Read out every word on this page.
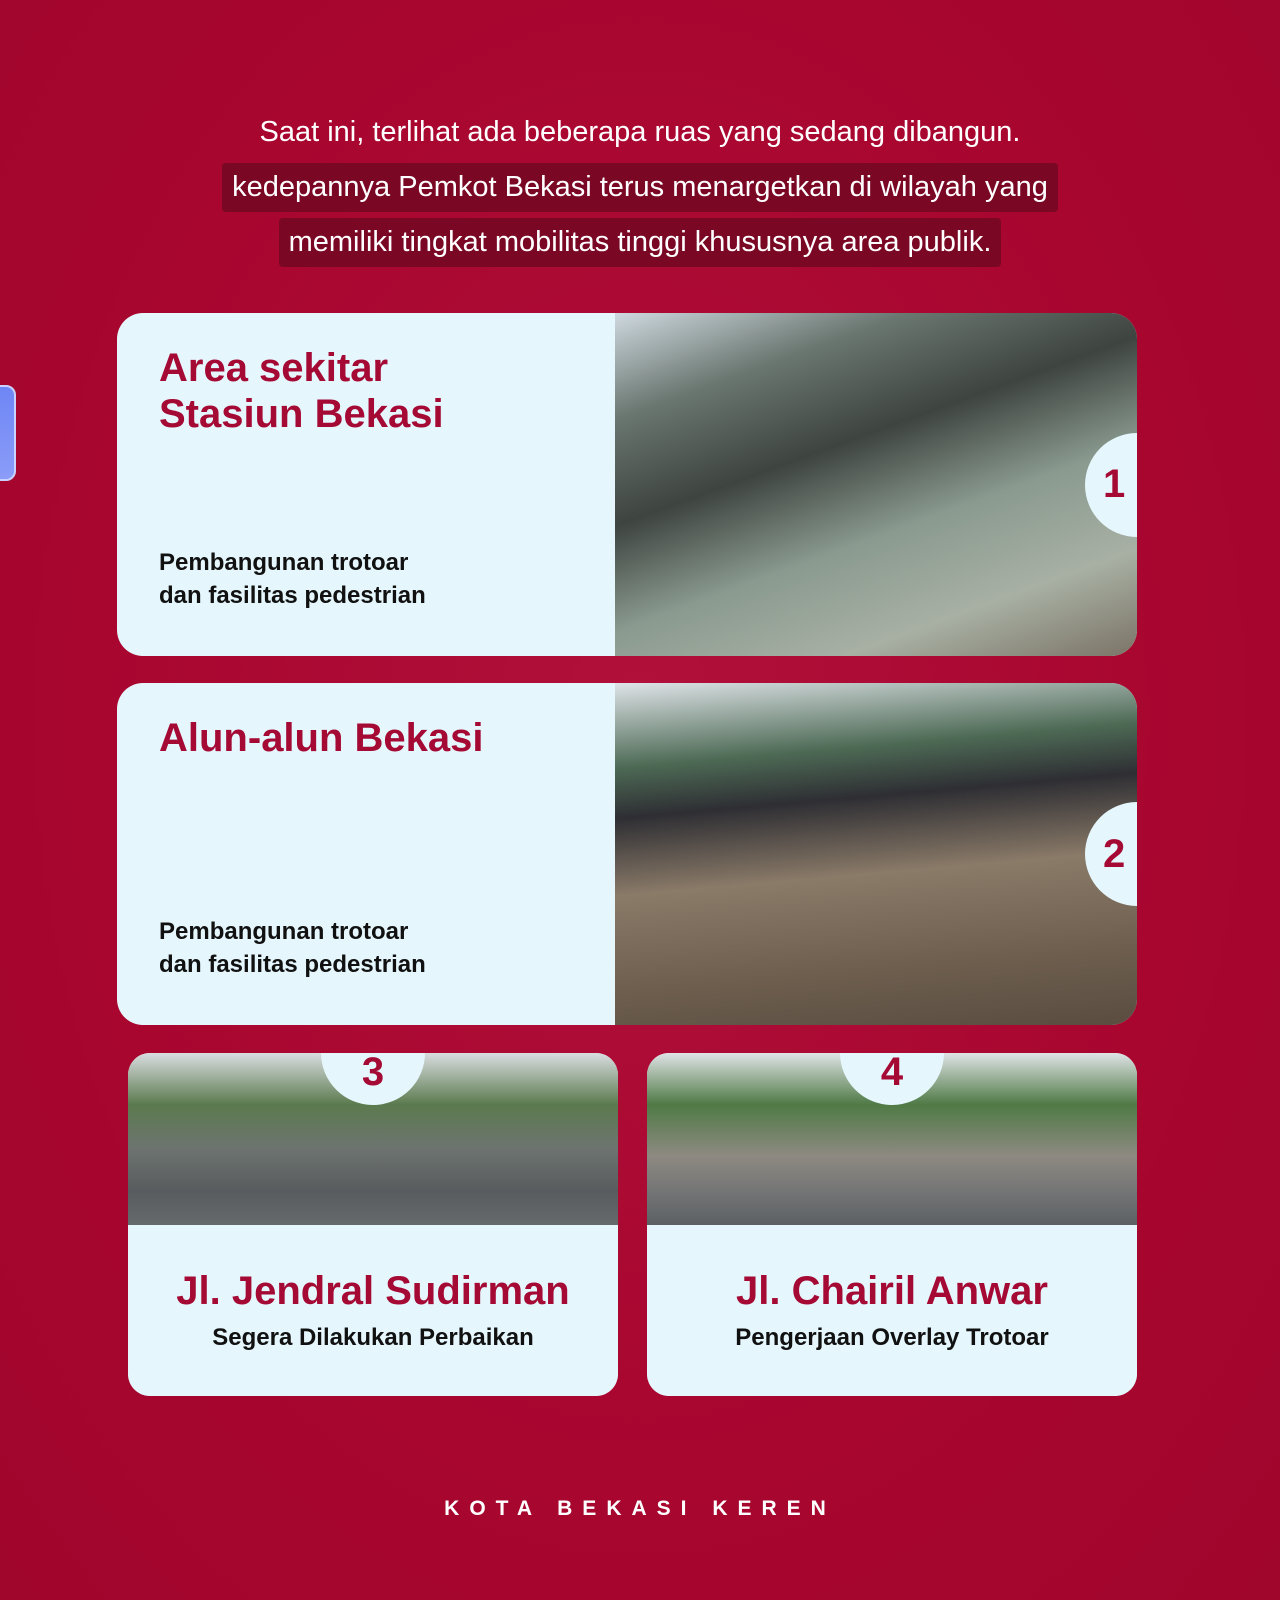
Saat ini, terlihat ada beberapa ruas yang sedang dibangun.
kedepannya Pemkot Bekasi terus menargetkan di wilayah yang
memiliki tingkat mobilitas tinggi khususnya area publik.
Area sekitar
Stasiun Bekasi

Pembangunan trotoar
dan fasilitas pedestrian

1
Alun-alun Bekasi

Pembangunan trotoar
dan fasilitas pedestrian

2
3
Jl. Jendral Sudirman

Segera Dilakukan Perbaikan

4
Jl. Chairil Anwar

Pengerjaan Overlay Trotoar

KOTA BEKASI KEREN
